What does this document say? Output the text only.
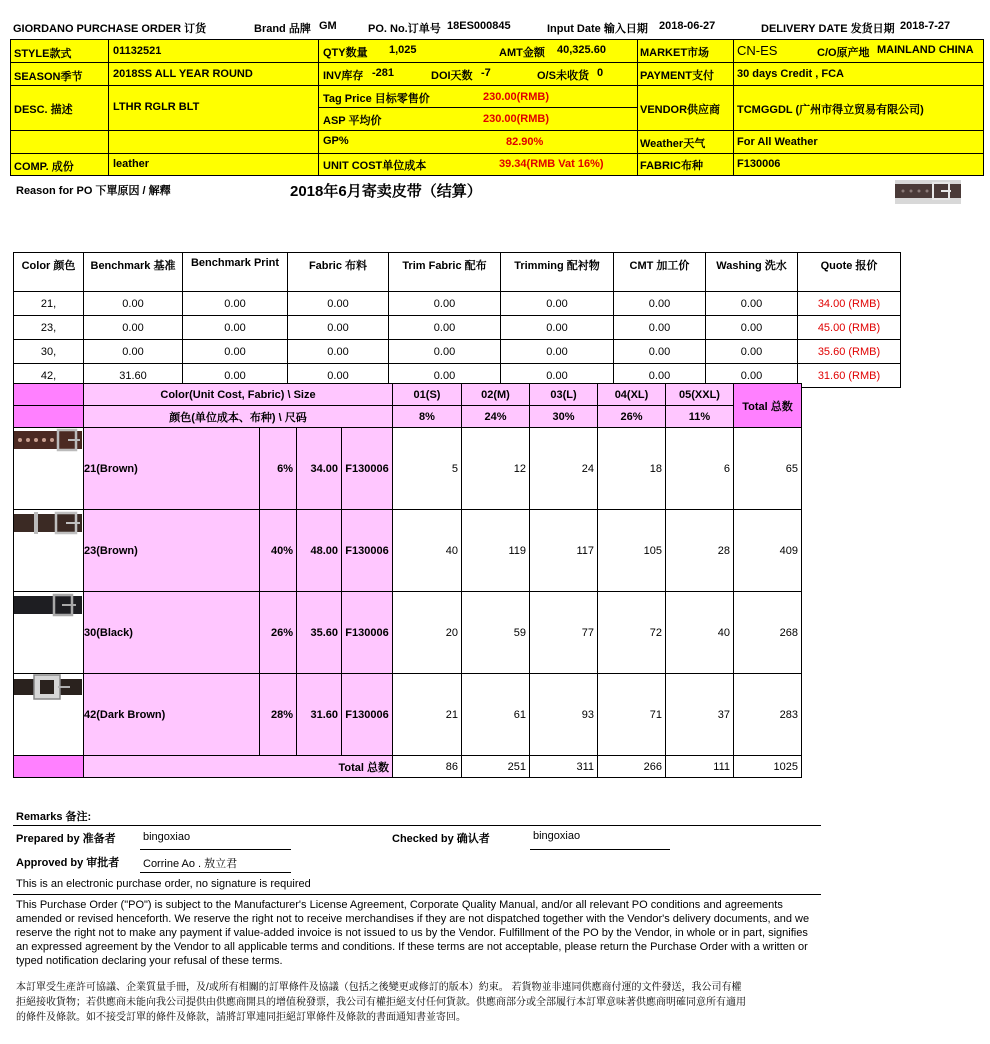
GIORDANO PURCHASE ORDER 订货	Brand 品牌 GM	PO. No.订单号 18ES000845	Input Date 输入日期 2018-06-27	DELIVERY DATE 发货日期 2018-7-27
STYLE款式	01132521	QTY数量 1,025	AMT金额 40,325.60	MARKET市场 CN-ES	C/O原产地 MAINLAND CHINA
SEASON季节	2018SS ALL YEAR ROUND	INV库存 -281	DOI天数 -7	O/S未收货 0	PAYMENT支付 30 days Credit , FCA
DESC. 描述	LTHR RGLR BLT
Tag Price 目标零售价	230.00(RMB)
ASP 平均价	230.00(RMB)
VENDOR供应商 TCMGGDL (广州市得立贸易有限公司)
GP%	82.90%	Weather天气	For All Weather
COMP. 成份	leather	UNIT COST单位成本	39.34(RMB Vat 16%)	FABRIC布种	F130006
Reason for PO 下單原因 / 解釋	2018年6月寄卖皮带（结算）
Color 颜色	Benchmark 基准	Benchmark Print	Fabric 布料	Trim Fabric 配布	Trimming 配衬物	CMT 加工价	Washing 洗水	Quote 报价
21,	0.00	0.00	0.00	0.00	0.00	0.00	0.00	34.00 (RMB)
23,	0.00	0.00	0.00	0.00	0.00	0.00	0.00	45.00 (RMB)
30,	0.00	0.00	0.00	0.00	0.00	0.00	0.00	35.60 (RMB)
42,	31.60	0.00	0.00	0.00	0.00	0.00	0.00	31.60 (RMB)
	Color(Unit Cost, Fabric) \ Size				01(S)	02(M)	03(L)	04(XL)	05(XXL)	Total 总数
	颜色(单位成本、布种) \ 尺码				8%	24%	30%	26%	11%	
	21(Brown)	6%	34.00	F130006	5	12	24	18	6	65
	23(Brown)	40%	48.00	F130006	40	119	117	105	28	409
	30(Black)	26%	35.60	F130006	20	59	77	72	40	268
	42(Dark Brown)	28%	31.60	F130006	21	61	93	71	37	283
	Total 总数				86	251	311	266	111	1025
Remarks 备注:
Prepared by 准备者 bingoxiao	Checked by 确认者	bingoxiao
Approved by 审批者 Corrine Ao . 敖立君
This is an electronic purchase order, no signature is required
This Purchase Order ("PO") is subject to the Manufacturer's License Agreement, Corporate Quality Manual, and/or all relevant PO conditions and agreements
amended or revised henceforth. We reserve the right not to receive merchandises if they are not dispatched together with the Vendor's delivery documents, and we
reserve the right not to make any payment if value-added invoice is not issued to us by the Vendor. Fulfillment of the PO by the Vendor, in whole or in part, signifies
an expressed agreement by the Vendor to all applicable terms and conditions. If these terms are not acceptable, please return the Purchase Order with a written or
typed notification declaring your refusal of these terms.
本訂單受生產許可協議、企業質量手冊，及/或所有相關的訂單條件及協議（包括之後變更或修訂的版本）約束。 若貨物並非連同供應商付運的文件發送，我公司有權
拒絕接收貨物；若供應商未能向我公司提供由供應商開具的增值稅發票，我公司有權拒絕支付任何貨款。供應商部分或全部履行本訂單意味著供應商明確同意所有適用
的條件及條款。如不接受訂單的條件及條款，請將訂單連同拒絕訂單條件及條款的書面通知書並寄回。
